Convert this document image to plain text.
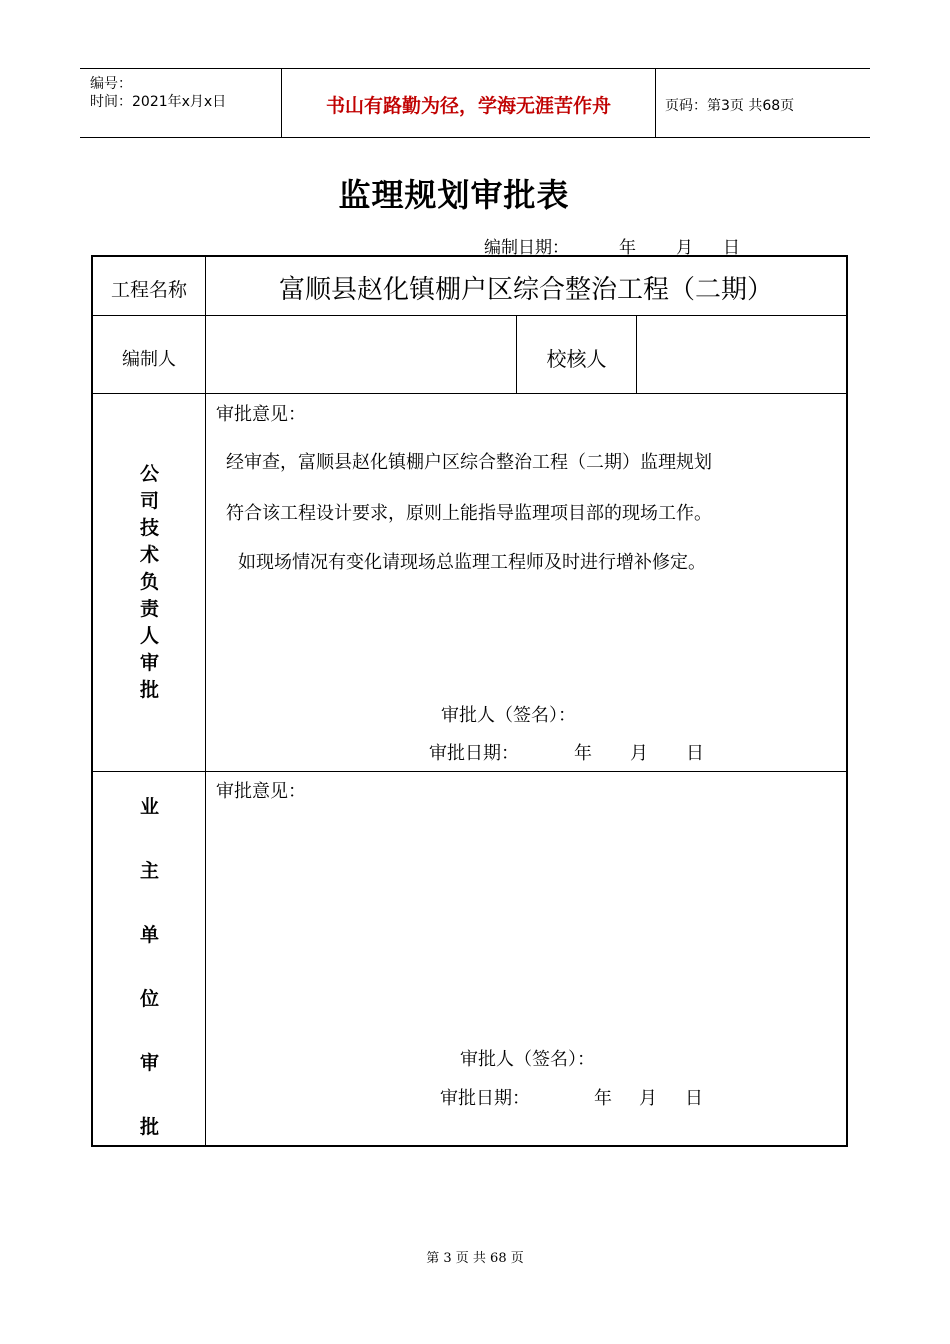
编号：
时间：2021年x月x日	书山有路勤为径，学海无涯苦作舟	页码：第3页 共68页
监理规划审批表
编制日期：	年 月 日
工程名称	富顺县赵化镇棚户区综合整治工程（二期）
编制人	校核人
公
司
技
术
负
责
人
审
批
审批意见：
经审查，富顺县赵化镇棚户区综合整治工程（二期）监理规划
符合该工程设计要求，原则上能指导监理项目部的现场工作。
如现场情况有变化请现场总监理工程师及时进行增补修定。
审批人（签名）：
审批日期：	年 月 日
业
主
单
位
审
批
审批意见：
审批人（签名）：
审批日期：	年 月 日
第 3 页 共 68 页
